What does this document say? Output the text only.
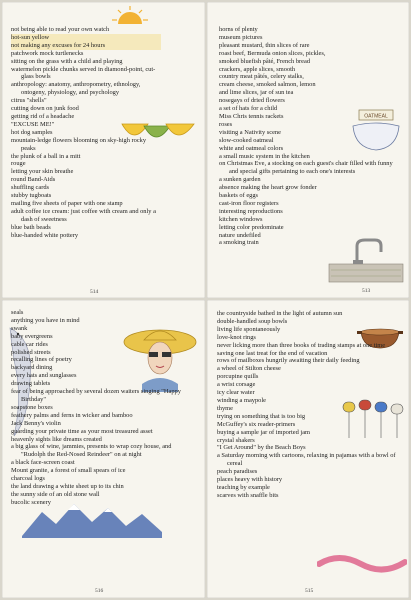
not being able to read your own watch
hot-sun yellow
not making any excuses for 24 hours
patchwork mock turtlenecks
sitting on the grass with a child and playing
watermelon pickle chunks served in diamond-point, cut-glass bowls
anthropology: anatomy, anthropometry, ethnology, ontogeny, physiology, and psychology
citrus "shells"
cutting down on junk food
getting rid of a headache
"EXCUSE ME!"
hot dog samples
mountain-ledge flowers blooming on sky-high rocky peaks
the plunk of a ball in a mitt
rouge
letting your skin breathe
round Band-Aids
shuffling cards
stubby tugboats
mailing five sheets of paper with one stamp
adult coffee ice cream: just coffee with cream and only a dash of sweetness
blue bath beads
blue-handed white pottery
514
OATMEAL
horns of plenty
museum pictures
pleasant mustard, thin slices of rare
roast beef, Bermuda onion slices, pickles,
smoked bluefish pâté, French bread
crackers, apple slices, smooth
country meat pâtés, celery stalks,
cream cheese, smoked salmon, lemon
and lime slices, jar of sun tea
nosegays of dried flowers
a set of hats for a child
Miss Chris tennis rackets
roses
visiting a Nativity scene
slow-cooked oatmeal
white and oatmeal colors
a small music system in the kitchen
on Christmas Eve, a stocking on each guest's chair filled with funny and special gifts pertaining to each one's interests
a sunken garden
absence making the heart grow fonder
baskets of eggs
cast-iron floor registers
interesting reproductions
kitchen windows
letting color predominate
nature undefiled
a smoking train
513
seals
anything you have in mind
swank
baby evergreens
cable car rides
polished streets
recalling lines of poetry
backyard dining
every hats and sunglasses
drawing tablets
fear of being approached by several dozen waiters singing "Happy Birthday"
soapstone boxes
feathery palms and ferns in wicker and bamboo
Jack Benny's violin
guarding your private time as your most treasured asset
heavenly sights like dreams created
a big glass of wine, jammies, presents to wrap cozy house, and "Rudolph the Red-Nosed Reindeer" on at night
a black face-screen coast
Mount granite, a forest of small spears of ice
charcoal logs
the land drawing a white sheet up to its chin
the sunny side of an old stone wall
bucolic scenery
516
the countryside bathed in the light of autumn sun
double-handled soup bowls
living life spontaneously
love-knot rings
never licking more than three books of trading stamps at one time
saving one last treat for the end of vacation
rows of mailboxes hungrily awaiting their daily feeding
a wheel of Stilton cheese
porcupine quills
a wrist corsage
icy clear water
winding a maypole
thyme
trying on something that is too big
McGuffey's six reader-primers
buying a sample jar of imported jam
crystal shakers
"I Get Around" by the Beach Boys
a Saturday morning with cartoons, relaxing in pajamas with a bowl of cereal
peach paradises
places heavy with history
teaching by example
scarves with snaffle bits
515
